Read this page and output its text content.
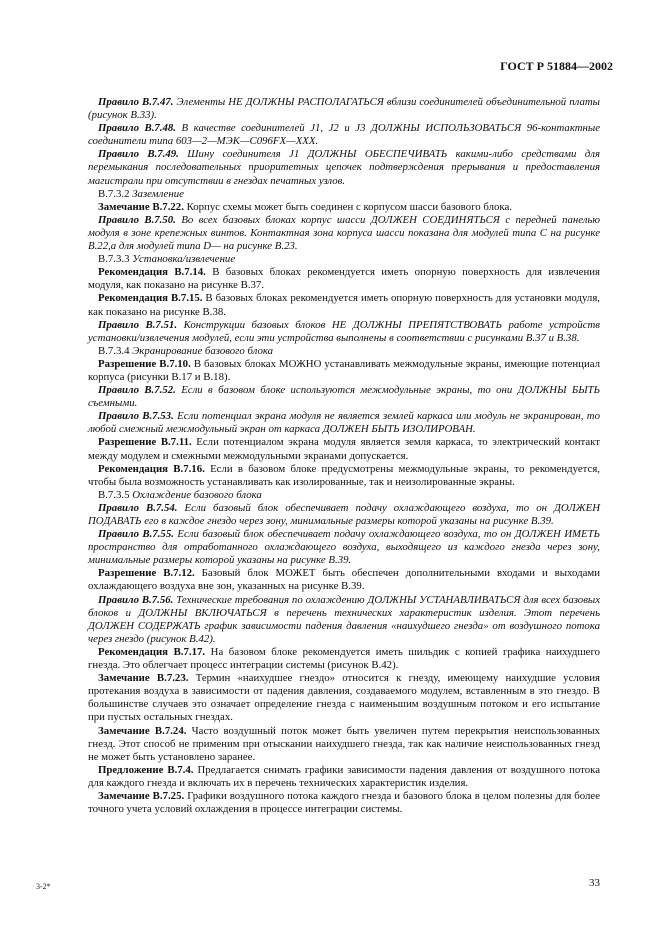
ГОСТ Р 51884—2002

Правило В.7.47. Элементы НЕ ДОЛЖНЫ РАСПОЛАГАТЬСЯ вблизи соединителей объединительной платы (рисунок В.33).

Правило В.7.48. В качестве соединителей J1, J2 и J3 ДОЛЖНЫ ИСПОЛЬЗОВАТЬСЯ 96-контактные соединители типа 603—2—МЭК—С096FX—XXX.

Правило В.7.49. Шину соединителя J1 ДОЛЖНЫ ОБЕСПЕЧИВАТЬ какими-либо средствами для перемыкания последовательных приоритетных цепочек подтверждения прерывания и предоставления магистрали при отсутствии в гнездах печатных узлов.

В.7.3.2 Заземление

Замечание В.7.22. Корпус схемы может быть соединен с корпусом шасси базового блока.

Правило В.7.50. Во всех базовых блоках корпус шасси ДОЛЖЕН СОЕДИНЯТЬСЯ с передней панелью модуля в зоне крепежных винтов. Контактная зона корпуса шасси показана для модулей типа С на рисунке В.22,а для модулей типа D— на рисунке В.23.

В.7.3.3 Установка/извлечение

Рекомендация В.7.14. В базовых блоках рекомендуется иметь опорную поверхность для извлечения модуля, как показано на рисунке В.37.

Рекомендация В.7.15. В базовых блоках рекомендуется иметь опорную поверхность для установки модуля, как показано на рисунке В.38.

Правило В.7.51. Конструкции базовых блоков НЕ ДОЛЖНЫ ПРЕПЯТСТВОВАТЬ работе устройств установки/извлечения модулей, если эти устройства выполнены в соответствии с рисунками В.37 и В.38.

В.7.3.4 Экранирование базового блока

Разрешение В.7.10. В базовых блоках МОЖНО устанавливать межмодульные экраны, имеющие потенциал корпуса (рисунки В.17 и В.18).

Правило В.7.52. Если в базовом блоке используются межмодульные экраны, то они ДОЛЖНЫ БЫТЬ съемными.

Правило В.7.53. Если потенциал экрана модуля не является землей каркаса или модуль не экранирован, то любой смежный межмодульный экран от каркаса ДОЛЖЕН БЫТЬ ИЗОЛИРОВАН.

Разрешение В.7.11. Если потенциалом экрана модуля является земля каркаса, то электрический контакт между модулем и смежными межмодульными экранами допускается.

Рекомендация В.7.16. Если в базовом блоке предусмотрены межмодульные экраны, то рекомендуется, чтобы была возможность устанавливать как изолированные, так и неизолированные экраны.

В.7.3.5 Охлаждение базового блока

Правило В.7.54. Если базовый блок обеспечивает подачу охлаждающего воздуха, то он ДОЛЖЕН ПОДАВАТЬ его в каждое гнездо через зону, минимальные размеры которой указаны на рисунке В.39.

Правило В.7.55. Если базовый блок обеспечивает подачу охлаждающего воздуха, то он ДОЛЖЕН ИМЕТЬ пространство для отработанного охлаждающего воздуха, выходящего из каждого гнезда через зону, минимальные размеры которой указаны на рисунке В.39.

Разрешение В.7.12. Базовый блок МОЖЕТ быть обеспечен дополнительными входами и выходами охлаждающего воздуха вне зон, указанных на рисунке В.39.

Правило В.7.56. Технические требования по охлаждению ДОЛЖНЫ УСТАНАВЛИВАТЬСЯ для всех базовых блоков и ДОЛЖНЫ ВКЛЮЧАТЬСЯ в перечень технических характеристик изделия. Этот перечень ДОЛЖЕН СОДЕРЖАТЬ график зависимости падения давления «наихудшего гнезда» от воздушного потока через гнездо (рисунок В.42).

Рекомендация В.7.17. На базовом блоке рекомендуется иметь шильдик с копией графика наихудшего гнезда. Это облегчает процесс интеграции системы (рисунок В.42).

Замечание В.7.23. Термин «наихудшее гнездо» относится к гнезду, имеющему наихудшие условия протекания воздуха в зависимости от падения давления, создаваемого модулем, вставленным в это гнездо. В большинстве случаев это означает определение гнезда с наименьшим воздушным потоком и его испытание при пустых остальных гнездах.

Замечание В.7.24. Часто воздушный поток может быть увеличен путем перекрытия неиспользованных гнезд. Этот способ не применим при отыскании наихудшего гнезда, так как наличие неиспользованных гнезд не может быть установлено заранее.

Предложение В.7.4. Предлагается снимать графики зависимости падения давления от воздушного потока для каждого гнезда и включать их в перечень технических характеристик изделия.

Замечание В.7.25. Графики воздушного потока каждого гнезда и базового блока в целом полезны для более точного учета условий охлаждения в процессе интеграции системы.

3-2*	33
